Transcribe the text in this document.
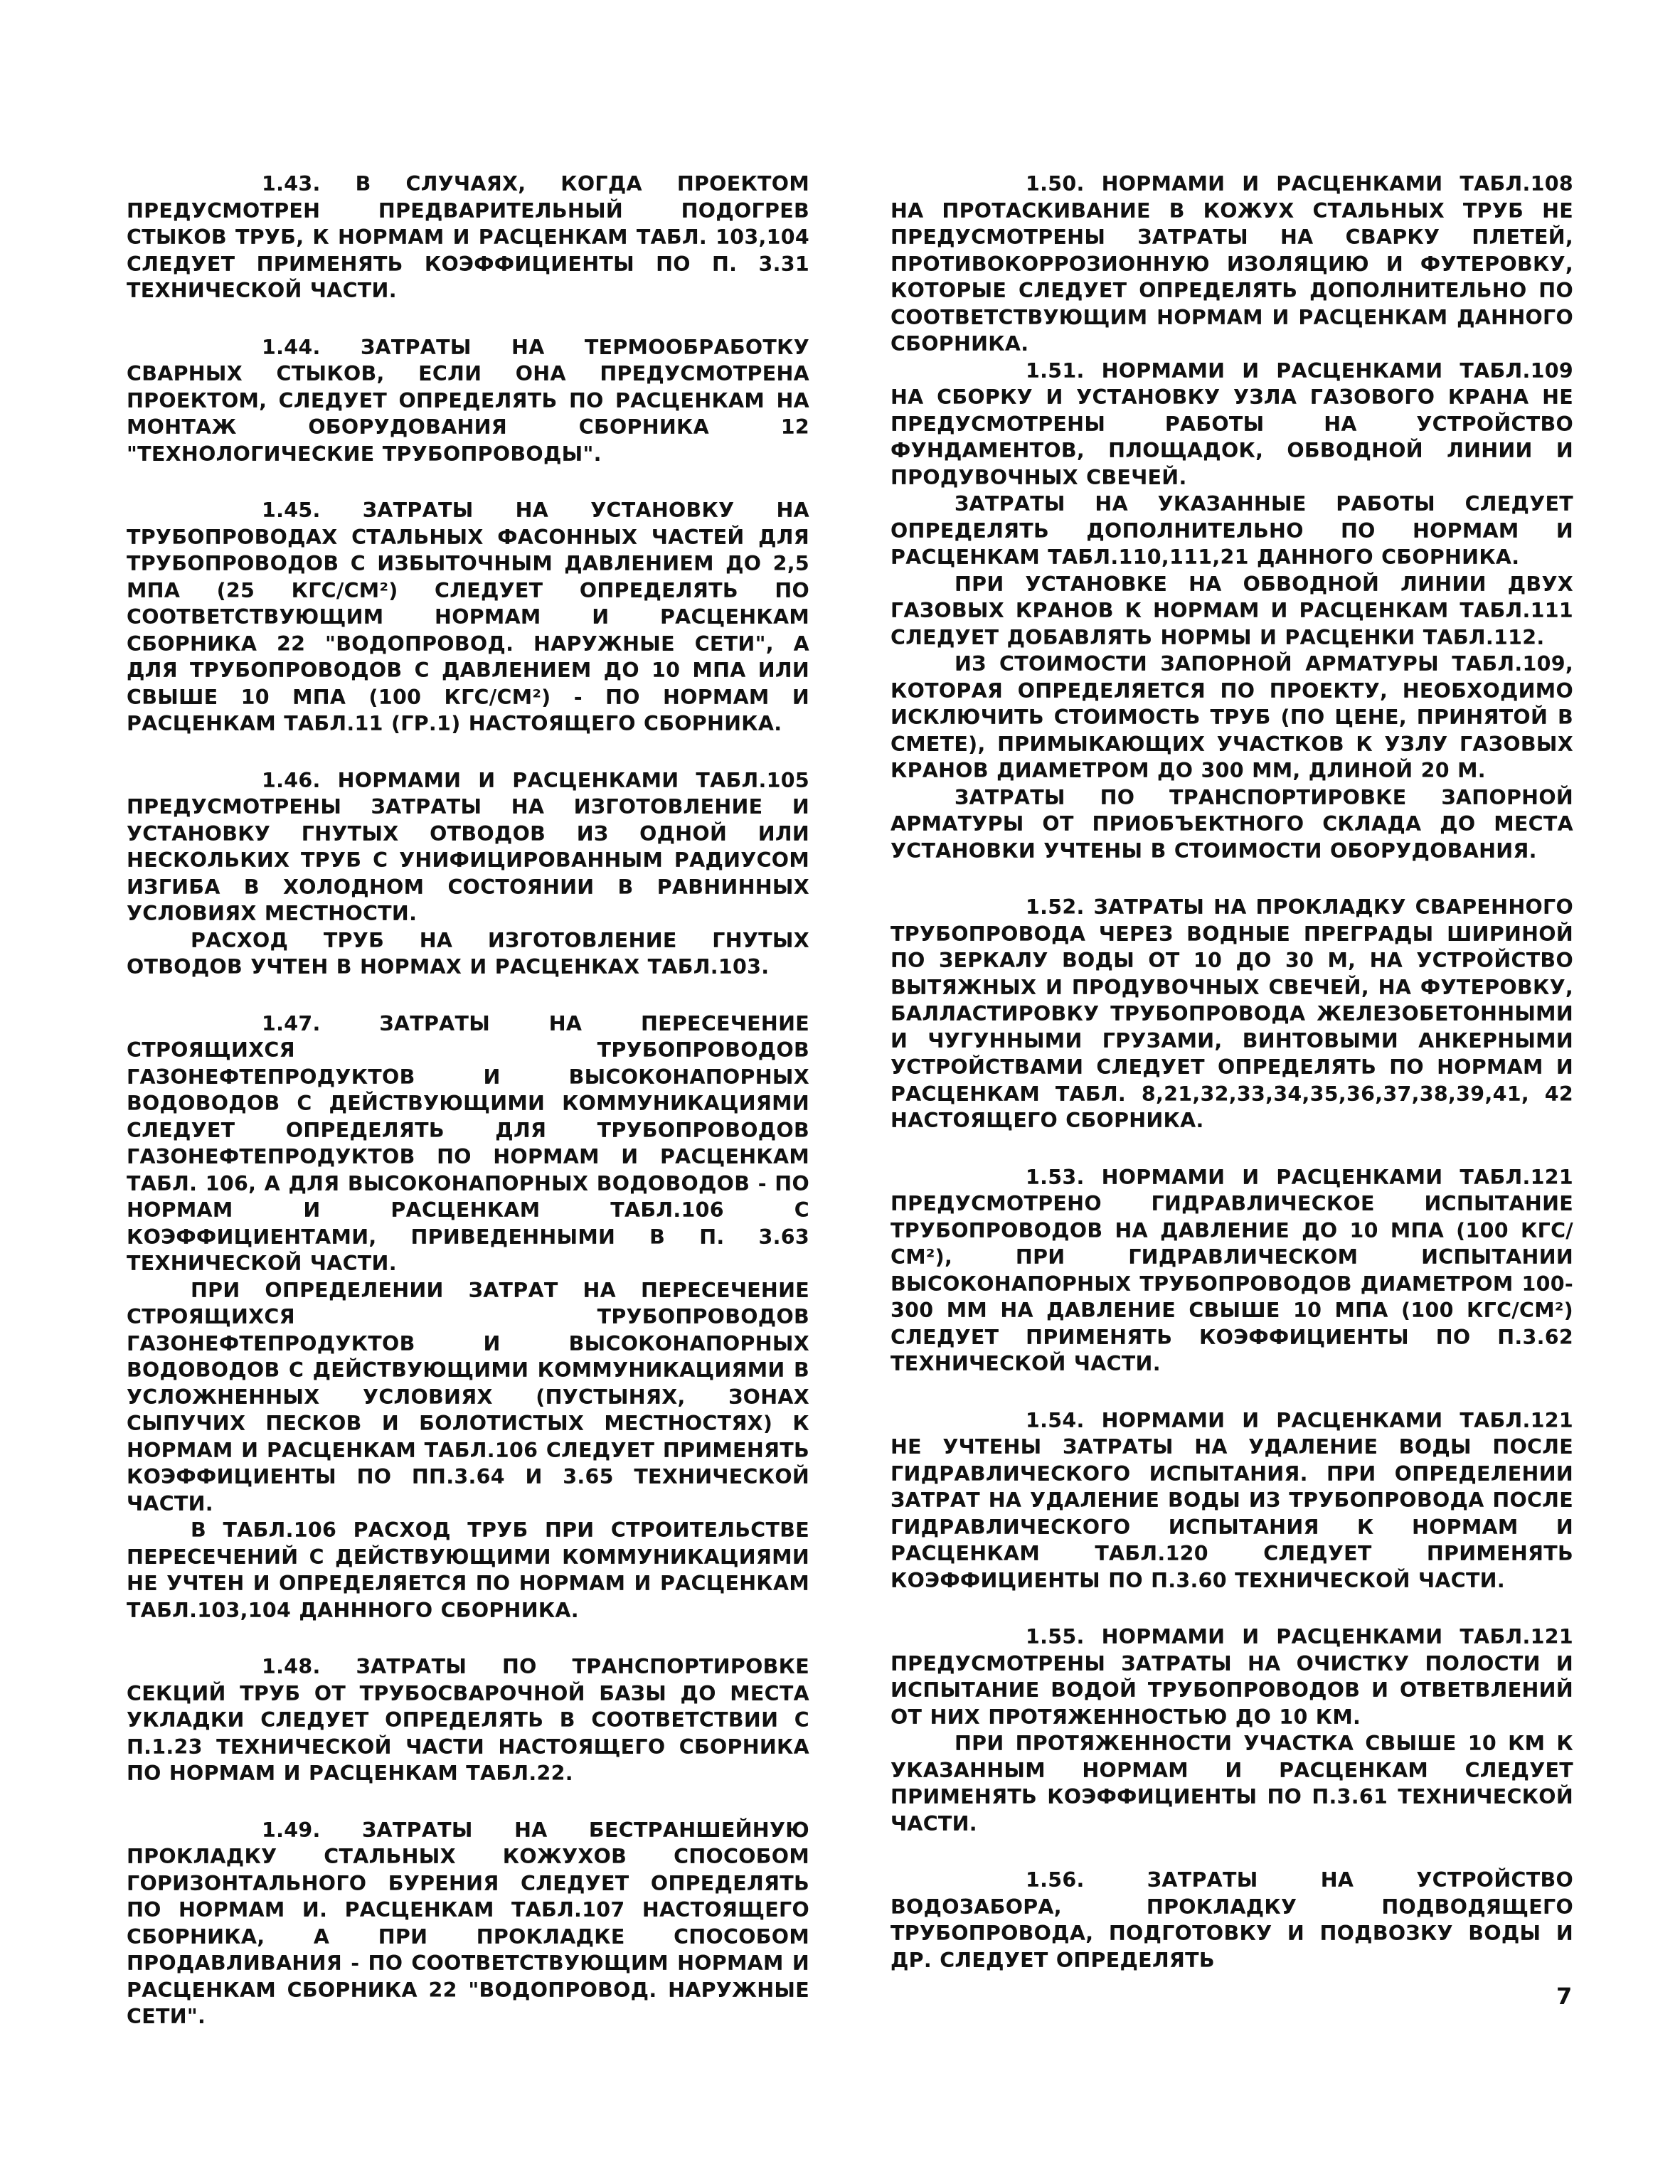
1.43. В СЛУЧАЯХ, КОГДА ПРОЕКТОМ ПРЕДУСМОТРЕН ПРЕДВАРИТЕЛЬНЫЙ ПОДОГРЕВ СТЫКОВ ТРУБ, К НОРМАМ И РАСЦЕНКАМ ТАБЛ. 103,104 СЛЕДУЕТ ПРИМЕНЯТЬ КОЭФФИЦИЕНТЫ ПО П. 3.31 ТЕХНИЧЕСКОЙ ЧАСТИ.
1.44. ЗАТРАТЫ НА ТЕРМООБРАБОТКУ СВАРНЫХ СТЫКОВ, ЕСЛИ ОНА ПРЕДУСМОТРЕНА ПРОЕКТОМ, СЛЕДУЕТ ОПРЕДЕЛЯТЬ ПО РАСЦЕНКАМ НА МОНТАЖ ОБОРУДОВАНИЯ СБОРНИКА 12 "ТЕХНОЛОГИЧЕСКИЕ ТРУБОПРОВОДЫ".
1.45. ЗАТРАТЫ НА УСТАНОВКУ НА ТРУБОПРОВОДАХ СТАЛЬНЫХ ФАСОННЫХ ЧАСТЕЙ ДЛЯ ТРУБОПРОВОДОВ С ИЗБЫТОЧНЫМ ДАВЛЕНИЕМ ДО 2,5 МПА (25 КГС/СМ²) СЛЕДУЕТ ОПРЕДЕЛЯТЬ ПО СООТВЕТСТВУЮЩИМ НОРМАМ И РАСЦЕНКАМ СБОРНИКА 22 "ВОДОПРОВОД. НАРУЖНЫЕ СЕТИ", А ДЛЯ ТРУБОПРОВОДОВ С ДАВЛЕНИЕМ ДО 10 МПА ИЛИ СВЫШЕ 10 МПА (100 КГС/СМ²) - ПО НОРМАМ И РАСЦЕНКАМ ТАБЛ.11 (ГР.1) НАСТОЯЩЕГО СБОРНИКА.
1.46. НОРМАМИ И РАСЦЕНКАМИ ТАБЛ.105 ПРЕДУСМОТРЕНЫ ЗАТРАТЫ НА ИЗГОТОВЛЕНИЕ И УСТАНОВКУ ГНУТЫХ ОТВОДОВ ИЗ ОДНОЙ ИЛИ НЕСКОЛЬКИХ ТРУБ С УНИФИЦИРОВАННЫМ РАДИУСОМ ИЗГИБА В ХОЛОДНОМ СОСТОЯНИИ В РАВНИННЫХ УСЛОВИЯХ МЕСТНОСТИ.
РАСХОД ТРУБ НА ИЗГОТОВЛЕНИЕ ГНУТЫХ ОТВОДОВ УЧТЕН В НОРМАХ И РАСЦЕНКАХ ТАБЛ.103.
1.47. ЗАТРАТЫ НА ПЕРЕСЕЧЕНИЕ СТРОЯЩИХСЯ ТРУБОПРОВОДОВ ГАЗОНЕФТЕПРОДУКТОВ И ВЫСОКОНАПОРНЫХ ВОДОВОДОВ С ДЕЙСТВУЮЩИМИ КОММУНИКАЦИЯМИ СЛЕДУЕТ ОПРЕДЕЛЯТЬ ДЛЯ ТРУБОПРОВОДОВ ГАЗОНЕФТЕПРОДУКТОВ ПО НОРМАМ И РАСЦЕНКАМ ТАБЛ. 106, А ДЛЯ ВЫСОКОНАПОРНЫХ ВОДОВОДОВ - ПО НОРМАМ И РАСЦЕНКАМ ТАБЛ.106 С КОЭФФИЦИЕНТАМИ, ПРИВЕДЕННЫМИ В П. 3.63 ТЕХНИЧЕСКОЙ ЧАСТИ.
ПРИ ОПРЕДЕЛЕНИИ ЗАТРАТ НА ПЕРЕСЕЧЕНИЕ СТРОЯЩИХСЯ ТРУБОПРОВОДОВ ГАЗОНЕФТЕПРОДУКТОВ И ВЫСОКОНАПОРНЫХ ВОДОВОДОВ С ДЕЙСТВУЮЩИМИ КОММУНИКАЦИЯМИ В УСЛОЖНЕННЫХ УСЛОВИЯХ (ПУСТЫНЯХ, ЗОНАХ СЫПУЧИХ ПЕСКОВ И БОЛОТИСТЫХ МЕСТНОСТЯХ) К НОРМАМ И РАСЦЕНКАМ ТАБЛ.106 СЛЕДУЕТ ПРИМЕНЯТЬ КОЭФФИЦИЕНТЫ ПО ПП.3.64 И 3.65 ТЕХНИЧЕСКОЙ ЧАСТИ.
В ТАБЛ.106 РАСХОД ТРУБ ПРИ СТРОИТЕЛЬСТВЕ ПЕРЕСЕЧЕНИЙ С ДЕЙСТВУЮЩИМИ КОММУНИКАЦИЯМИ НЕ УЧТЕН И ОПРЕДЕЛЯЕТСЯ ПО НОРМАМ И РАСЦЕНКАМ ТАБЛ.103,104 ДАНННОГО СБОРНИКА.
1.48. ЗАТРАТЫ ПО ТРАНСПОРТИРОВКЕ СЕКЦИЙ ТРУБ ОТ ТРУБОСВАРОЧНОЙ БАЗЫ ДО МЕСТА УКЛАДКИ СЛЕДУЕТ ОПРЕДЕЛЯТЬ В СООТВЕТСТВИИ С П.1.23 ТЕХНИЧЕСКОЙ ЧАСТИ НАСТОЯЩЕГО СБОРНИКА ПО НОРМАМ И РАСЦЕНКАМ ТАБЛ.22.
1.49. ЗАТРАТЫ НА БЕСТРАНШЕЙНУЮ ПРОКЛАДКУ СТАЛЬНЫХ КОЖУХОВ СПОСОБОМ ГОРИЗОНТАЛЬНОГО БУРЕНИЯ СЛЕДУЕТ ОПРЕДЕЛЯТЬ ПО НОРМАМ И. РАСЦЕНКАМ ТАБЛ.107 НАСТОЯЩЕГО СБОРНИКА, А ПРИ ПРОКЛАДКЕ СПОСОБОМ ПРОДАВЛИВАНИЯ - ПО СООТВЕТСТВУЮЩИМ НОРМАМ И РАСЦЕНКАМ СБОРНИКА 22 "ВОДОПРОВОД. НАРУЖНЫЕ СЕТИ".
1.50. НОРМАМИ И РАСЦЕНКАМИ ТАБЛ.108 НА ПРОТАСКИВАНИЕ В КОЖУХ СТАЛЬНЫХ ТРУБ НЕ ПРЕДУСМОТРЕНЫ ЗАТРАТЫ НА СВАРКУ ПЛЕТЕЙ, ПРОТИВОКОРРОЗИОННУЮ ИЗОЛЯЦИЮ И ФУТЕРОВКУ, КОТОРЫЕ СЛЕДУЕТ ОПРЕДЕЛЯТЬ ДОПОЛНИТЕЛЬНО ПО СООТВЕТСТВУЮЩИМ НОРМАМ И РАСЦЕНКАМ ДАННОГО СБОРНИКА.
1.51. НОРМАМИ И РАСЦЕНКАМИ ТАБЛ.109 НА СБОРКУ И УСТАНОВКУ УЗЛА ГАЗОВОГО КРАНА НЕ ПРЕДУСМОТРЕНЫ РАБОТЫ НА УСТРОЙСТВО ФУНДАМЕНТОВ, ПЛОЩАДОК, ОБВОДНОЙ ЛИНИИ И ПРОДУВОЧНЫХ СВЕЧЕЙ.
ЗАТРАТЫ НА УКАЗАННЫЕ РАБОТЫ СЛЕДУЕТ ОПРЕДЕЛЯТЬ ДОПОЛНИТЕЛЬНО ПО НОРМАМ И РАСЦЕНКАМ ТАБЛ.110,111,21 ДАННОГО СБОРНИКА.
ПРИ УСТАНОВКЕ НА ОБВОДНОЙ ЛИНИИ ДВУХ ГАЗОВЫХ КРАНОВ К НОРМАМ И РАСЦЕНКАМ ТАБЛ.111 СЛЕДУЕТ ДОБАВЛЯТЬ НОРМЫ И РАСЦЕНКИ ТАБЛ.112.
ИЗ СТОИМОСТИ ЗАПОРНОЙ АРМАТУРЫ ТАБЛ.109, КОТОРАЯ ОПРЕДЕЛЯЕТСЯ ПО ПРОЕКТУ, НЕОБХОДИМО ИСКЛЮЧИТЬ СТОИМОСТЬ ТРУБ (ПО ЦЕНЕ, ПРИНЯТОЙ В СМЕТЕ), ПРИМЫКАЮЩИХ УЧАСТКОВ К УЗЛУ ГАЗОВЫХ КРАНОВ ДИАМЕТРОМ ДО 300 ММ, ДЛИНОЙ 20 М.
ЗАТРАТЫ ПО ТРАНСПОРТИРОВКЕ ЗАПОРНОЙ АРМАТУРЫ ОТ ПРИОБЪЕКТНОГО СКЛАДА ДО МЕСТА УСТАНОВКИ УЧТЕНЫ В СТОИМОСТИ ОБОРУДОВАНИЯ.
1.52. ЗАТРАТЫ НА ПРОКЛАДКУ СВАРЕННОГО ТРУБОПРОВОДА ЧЕРЕЗ ВОДНЫЕ ПРЕГРАДЫ ШИРИНОЙ ПО ЗЕРКАЛУ ВОДЫ ОТ 10 ДО 30 М, НА УСТРОЙСТВО ВЫТЯЖНЫХ И ПРОДУВОЧНЫХ СВЕЧЕЙ, НА ФУТЕРОВКУ, БАЛЛАСТИРОВКУ ТРУБОПРОВОДА ЖЕЛЕЗОБЕТОННЫМИ И ЧУГУННЫМИ ГРУЗАМИ, ВИНТОВЫМИ АНКЕРНЫМИ УСТРОЙСТВАМИ СЛЕДУЕТ ОПРЕДЕЛЯТЬ ПО НОРМАМ И РАСЦЕНКАМ ТАБЛ. 8,21,32,33,34,35,36,37,38,39,41, 42 НАСТОЯЩЕГО СБОРНИКА.
1.53. НОРМАМИ И РАСЦЕНКАМИ ТАБЛ.121 ПРЕДУСМОТРЕНО ГИДРАВЛИЧЕСКОЕ ИСПЫТАНИЕ ТРУБОПРОВОДОВ НА ДАВЛЕНИЕ ДО 10 МПА (100 КГС/СМ²), ПРИ ГИДРАВЛИЧЕСКОМ ИСПЫТАНИИ ВЫСОКОНАПОРНЫХ ТРУБОПРОВОДОВ ДИАМЕТРОМ 100-300 ММ НА ДАВЛЕНИЕ СВЫШЕ 10 МПА (100 КГС/СМ²) СЛЕДУЕТ ПРИМЕНЯТЬ КОЭФФИЦИЕНТЫ ПО П.3.62 ТЕХНИЧЕСКОЙ ЧАСТИ.
1.54. НОРМАМИ И РАСЦЕНКАМИ ТАБЛ.121 НЕ УЧТЕНЫ ЗАТРАТЫ НА УДАЛЕНИЕ ВОДЫ ПОСЛЕ ГИДРАВЛИЧЕСКОГО ИСПЫТАНИЯ. ПРИ ОПРЕДЕЛЕНИИ ЗАТРАТ НА УДАЛЕНИЕ ВОДЫ ИЗ ТРУБОПРОВОДА ПОСЛЕ ГИДРАВЛИЧЕСКОГО ИСПЫТАНИЯ К НОРМАМ И РАСЦЕНКАМ ТАБЛ.120 СЛЕДУЕТ ПРИМЕНЯТЬ КОЭФФИЦИЕНТЫ ПО П.3.60 ТЕХНИЧЕСКОЙ ЧАСТИ.
1.55. НОРМАМИ И РАСЦЕНКАМИ ТАБЛ.121 ПРЕДУСМОТРЕНЫ ЗАТРАТЫ НА ОЧИСТКУ ПОЛОСТИ И ИСПЫТАНИЕ ВОДОЙ ТРУБОПРОВОДОВ И ОТВЕТВЛЕНИЙ ОТ НИХ ПРОТЯЖЕННОСТЬЮ ДО 10 КМ.
ПРИ ПРОТЯЖЕННОСТИ УЧАСТКА СВЫШЕ 10 КМ К УКАЗАННЫМ НОРМАМ И РАСЦЕНКАМ СЛЕДУЕТ ПРИМЕНЯТЬ КОЭФФИЦИЕНТЫ ПО П.3.61 ТЕХНИЧЕСКОЙ ЧАСТИ.
1.56. ЗАТРАТЫ НА УСТРОЙСТВО ВОДОЗАБОРА, ПРОКЛАДКУ ПОДВОДЯЩЕГО ТРУБОПРОВОДА, ПОДГОТОВКУ И ПОДВОЗКУ ВОДЫ И ДР. СЛЕДУЕТ ОПРЕДЕЛЯТЬ
7
